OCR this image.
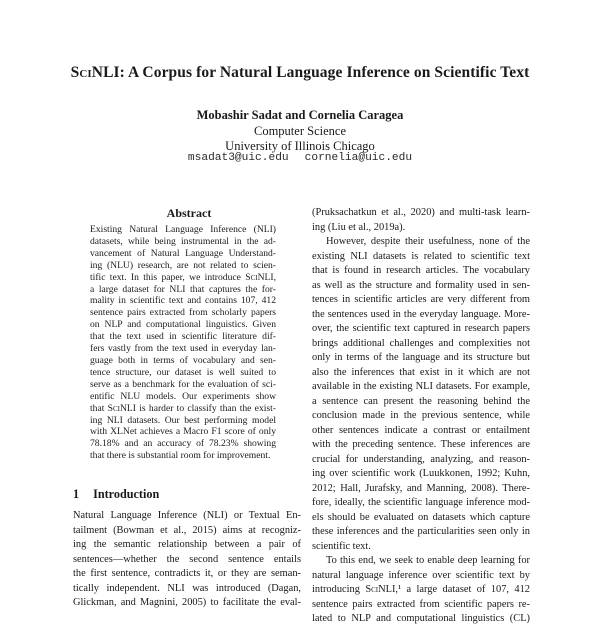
SciNLI: A Corpus for Natural Language Inference on Scientific Text
Mobashir Sadat and Cornelia Caragea
Computer Science
University of Illinois Chicago
msadat3@uic.edu cornelia@uic.edu
Abstract
Existing Natural Language Inference (NLI)
datasets, while being instrumental in the ad-
vancement of Natural Language Understand-
ing (NLU) research, are not related to scien-
tific text. In this paper, we introduce SciNLI,
a large dataset for NLI that captures the for-
mality in scientific text and contains 107, 412
sentence pairs extracted from scholarly papers
on NLP and computational linguistics. Given
that the text used in scientific literature dif-
fers vastly from the text used in everyday lan-
guage both in terms of vocabulary and sen-
tence structure, our dataset is well suited to
serve as a benchmark for the evaluation of sci-
entific NLU models. Our experiments show
that SciNLI is harder to classify than the exist-
ing NLI datasets. Our best performing model
with XLNet achieves a Macro F1 score of only
78.18% and an accuracy of 78.23% showing
that there is substantial room for improvement.
1 Introduction
Natural Language Inference (NLI) or Textual En-
tailment (Bowman et al., 2015) aims at recogniz-
ing the semantic relationship between a pair of
sentences—whether the second sentence entails
the first sentence, contradicts it, or they are seman-
tically independent. NLI was introduced (Dagan,
Glickman, and Magnini, 2005) to facilitate the eval-
(Pruksachatkun et al., 2020) and multi-task learn-
ing (Liu et al., 2019a).
However, despite their usefulness, none of the
existing NLI datasets is related to scientific text
that is found in research articles. The vocabulary
as well as the structure and formality used in sen-
tences in scientific articles are very different from
the sentences used in the everyday language. More-
over, the scientific text captured in research papers
brings additional challenges and complexities not
only in terms of the language and its structure but
also the inferences that exist in it which are not
available in the existing NLI datasets. For example,
a sentence can present the reasoning behind the
conclusion made in the previous sentence, while
other sentences indicate a contrast or entailment
with the preceding sentence. These inferences are
crucial for understanding, analyzing, and reason-
ing over scientific work (Luukkonen, 1992; Kuhn,
2012; Hall, Jurafsky, and Manning, 2008). There-
fore, ideally, the scientific language inference mod-
els should be evaluated on datasets which capture
these inferences and the particularities seen only in
scientific text.
To this end, we seek to enable deep learning for
natural language inference over scientific text by
introducing SciNLI,¹ a large dataset of 107, 412
sentence pairs extracted from scientific papers re-
lated to NLP and computational linguistics (CL)
